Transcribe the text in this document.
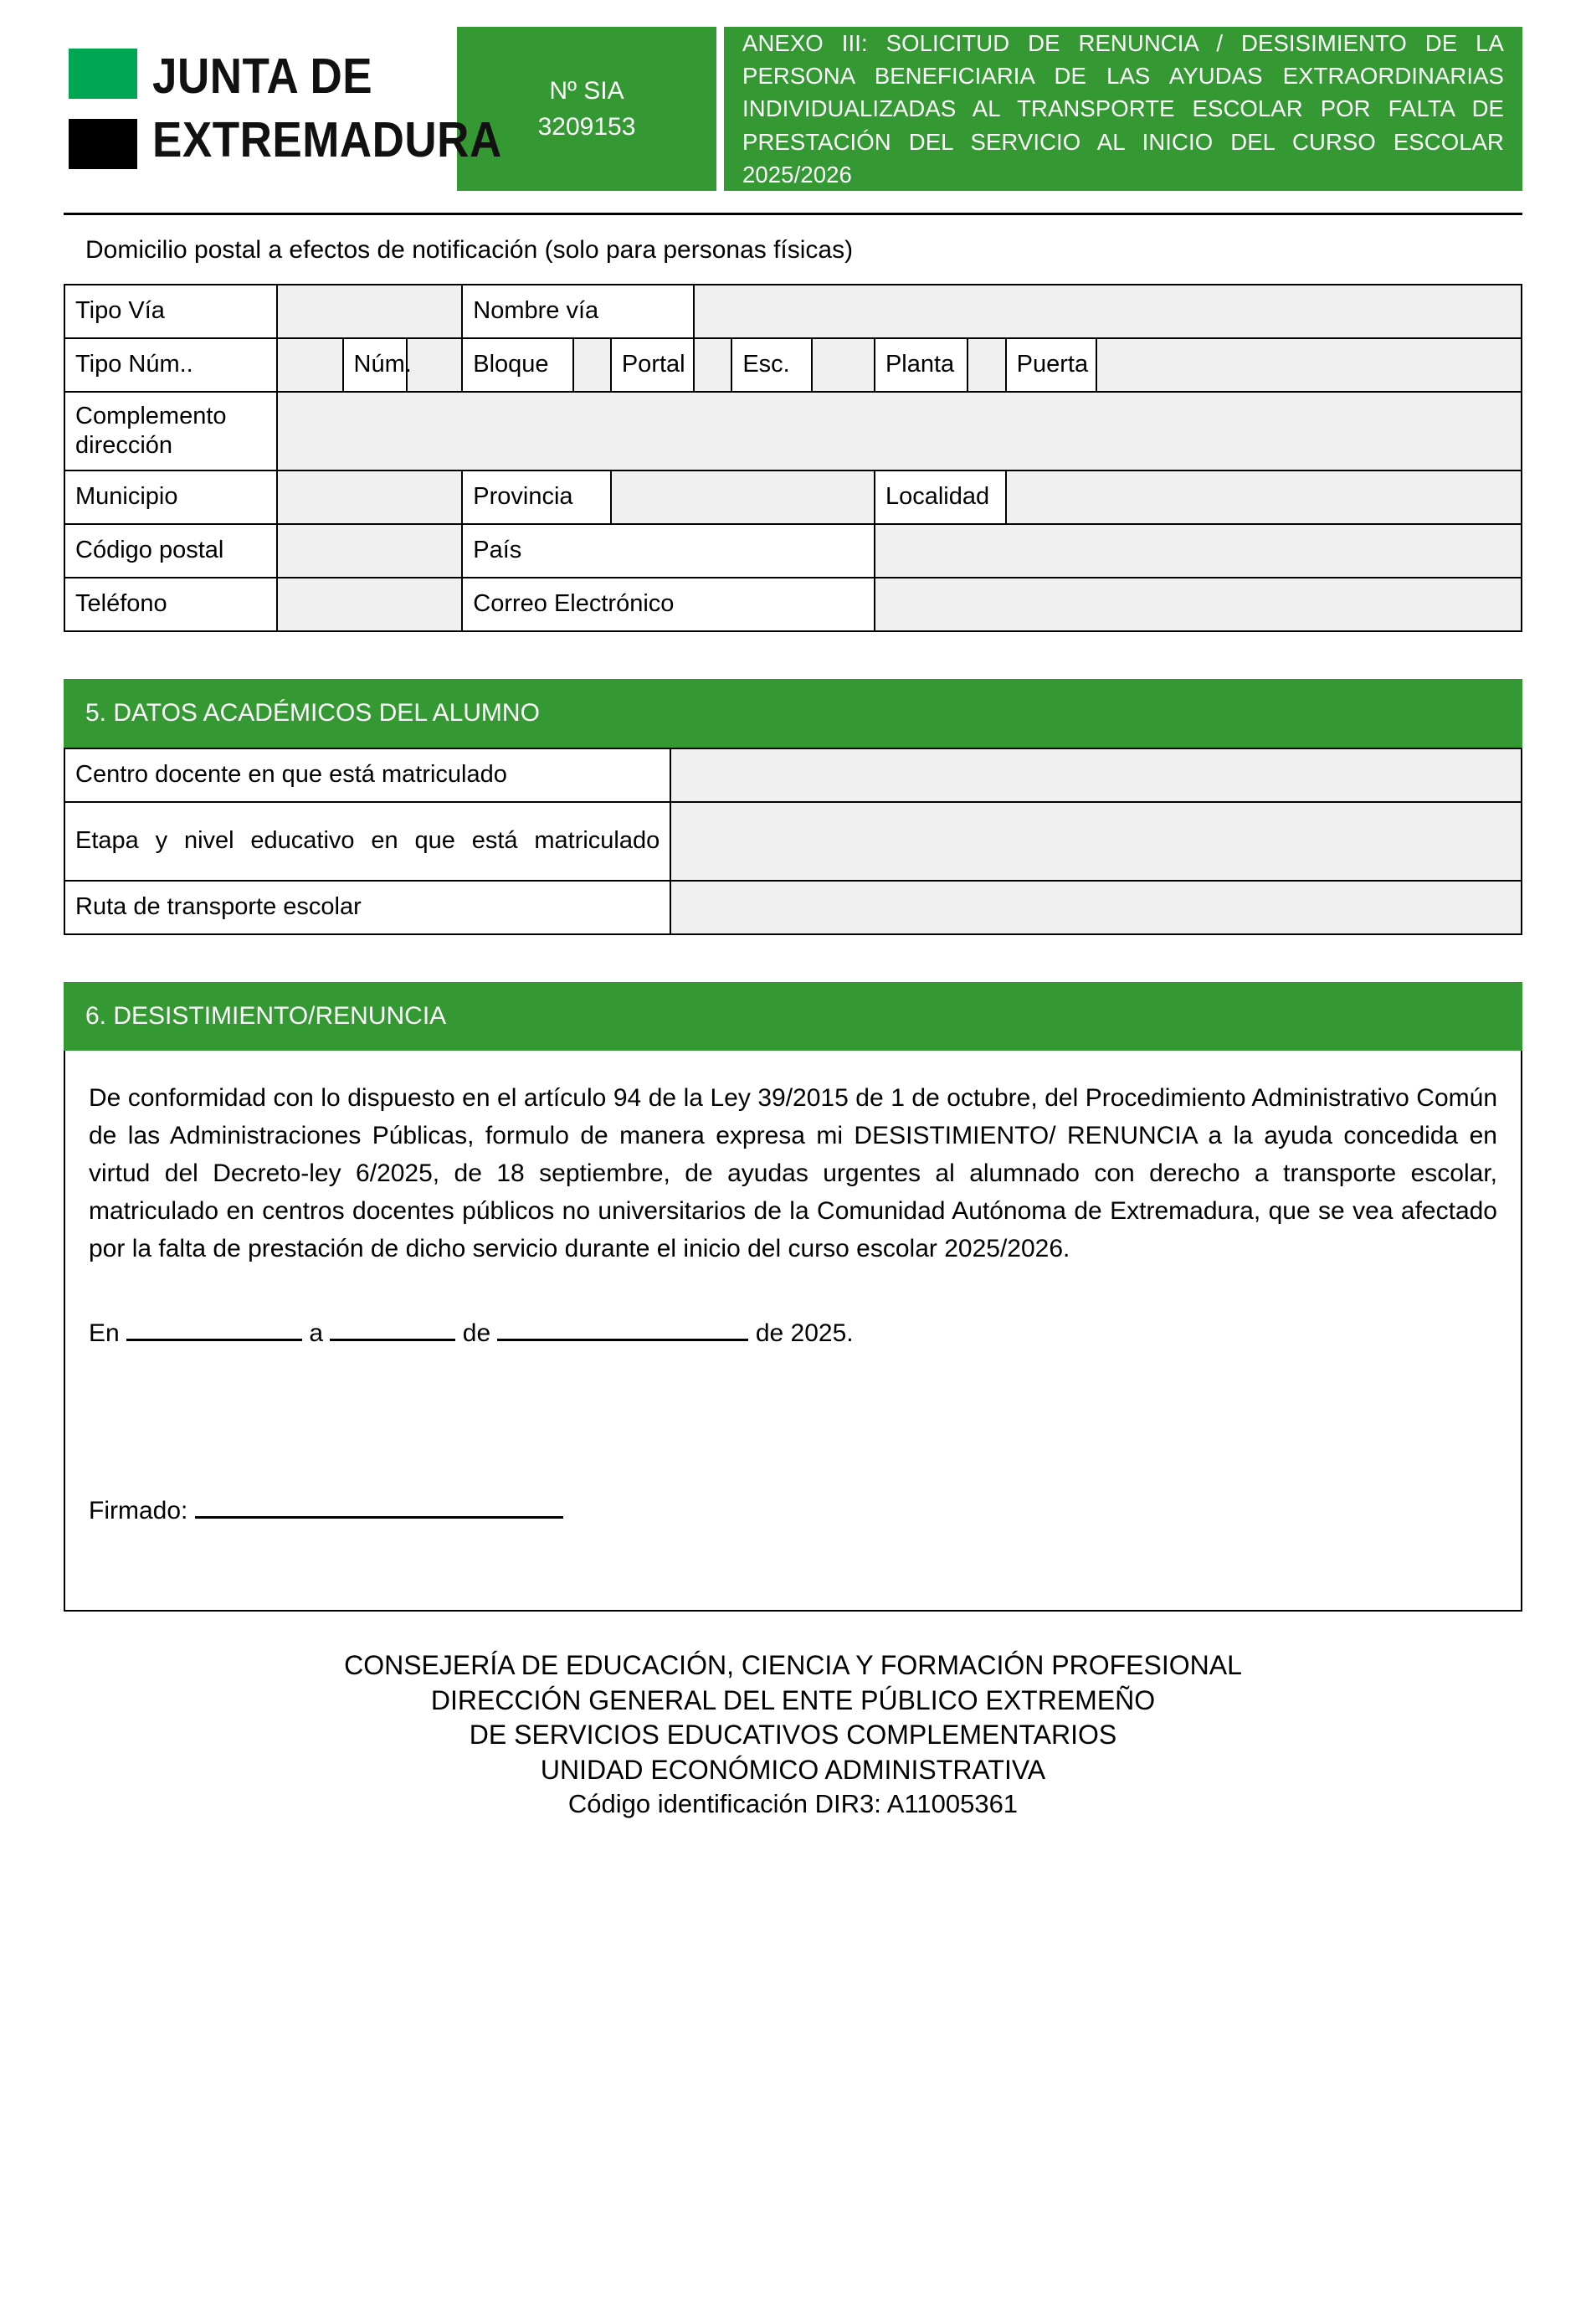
JUNTA DE
EXTREMADURA
Nº SIA
3209153
ANEXO III: SOLICITUD DE RENUNCIA / DESISIMIENTO DE LA PERSONA BENEFICIARIA DE LAS AYUDAS EXTRAORDINARIAS INDIVIDUALIZADAS AL TRANSPORTE ESCOLAR POR FALTA DE PRESTACIÓN DEL SERVICIO AL INICIO DEL CURSO ESCOLAR 2025/2026
Domicilio postal a efectos de notificación (solo para personas físicas)
Tipo Vía				Nombre vía									
Tipo Núm..		Núm.		Bloque		Portal		Esc.		Planta		Puerta	
Complemento dirección													
Municipio				Provincia						Localidad			
Código postal				País									
Teléfono				Correo Electrónico									
5. DATOS ACADÉMICOS DEL ALUMNO
Centro docente en que está matriculado	
Etapa y nivel educativo en que está matriculado	
Ruta de transporte escolar	
6. DESISTIMIENTO/RENUNCIA

De conformidad con lo dispuesto en el artículo 94 de la Ley 39/2015 de 1 de octubre, del Procedimiento Administrativo Común de las Administraciones Públicas, formulo de manera expresa mi DESISTIMIENTO/ RENUNCIA a la ayuda concedida en virtud del Decreto-ley 6/2025, de 18 septiembre, de ayudas urgentes al alumnado con derecho a transporte escolar, matriculado en centros docentes públicos no universitarios de la Comunidad Autónoma de Extremadura, que se vea afectado por la falta de prestación de dicho servicio durante el inicio del curso escolar 2025/2026.

En	a	de	de 2025.
Firmado:
CONSEJERÍA DE EDUCACIÓN, CIENCIA Y FORMACIÓN PROFESIONAL
DIRECCIÓN GENERAL DEL ENTE PÚBLICO EXTREMEÑO
DE SERVICIOS EDUCATIVOS COMPLEMENTARIOS
UNIDAD ECONÓMICO ADMINISTRATIVA
Código identificación DIR3: A11005361
